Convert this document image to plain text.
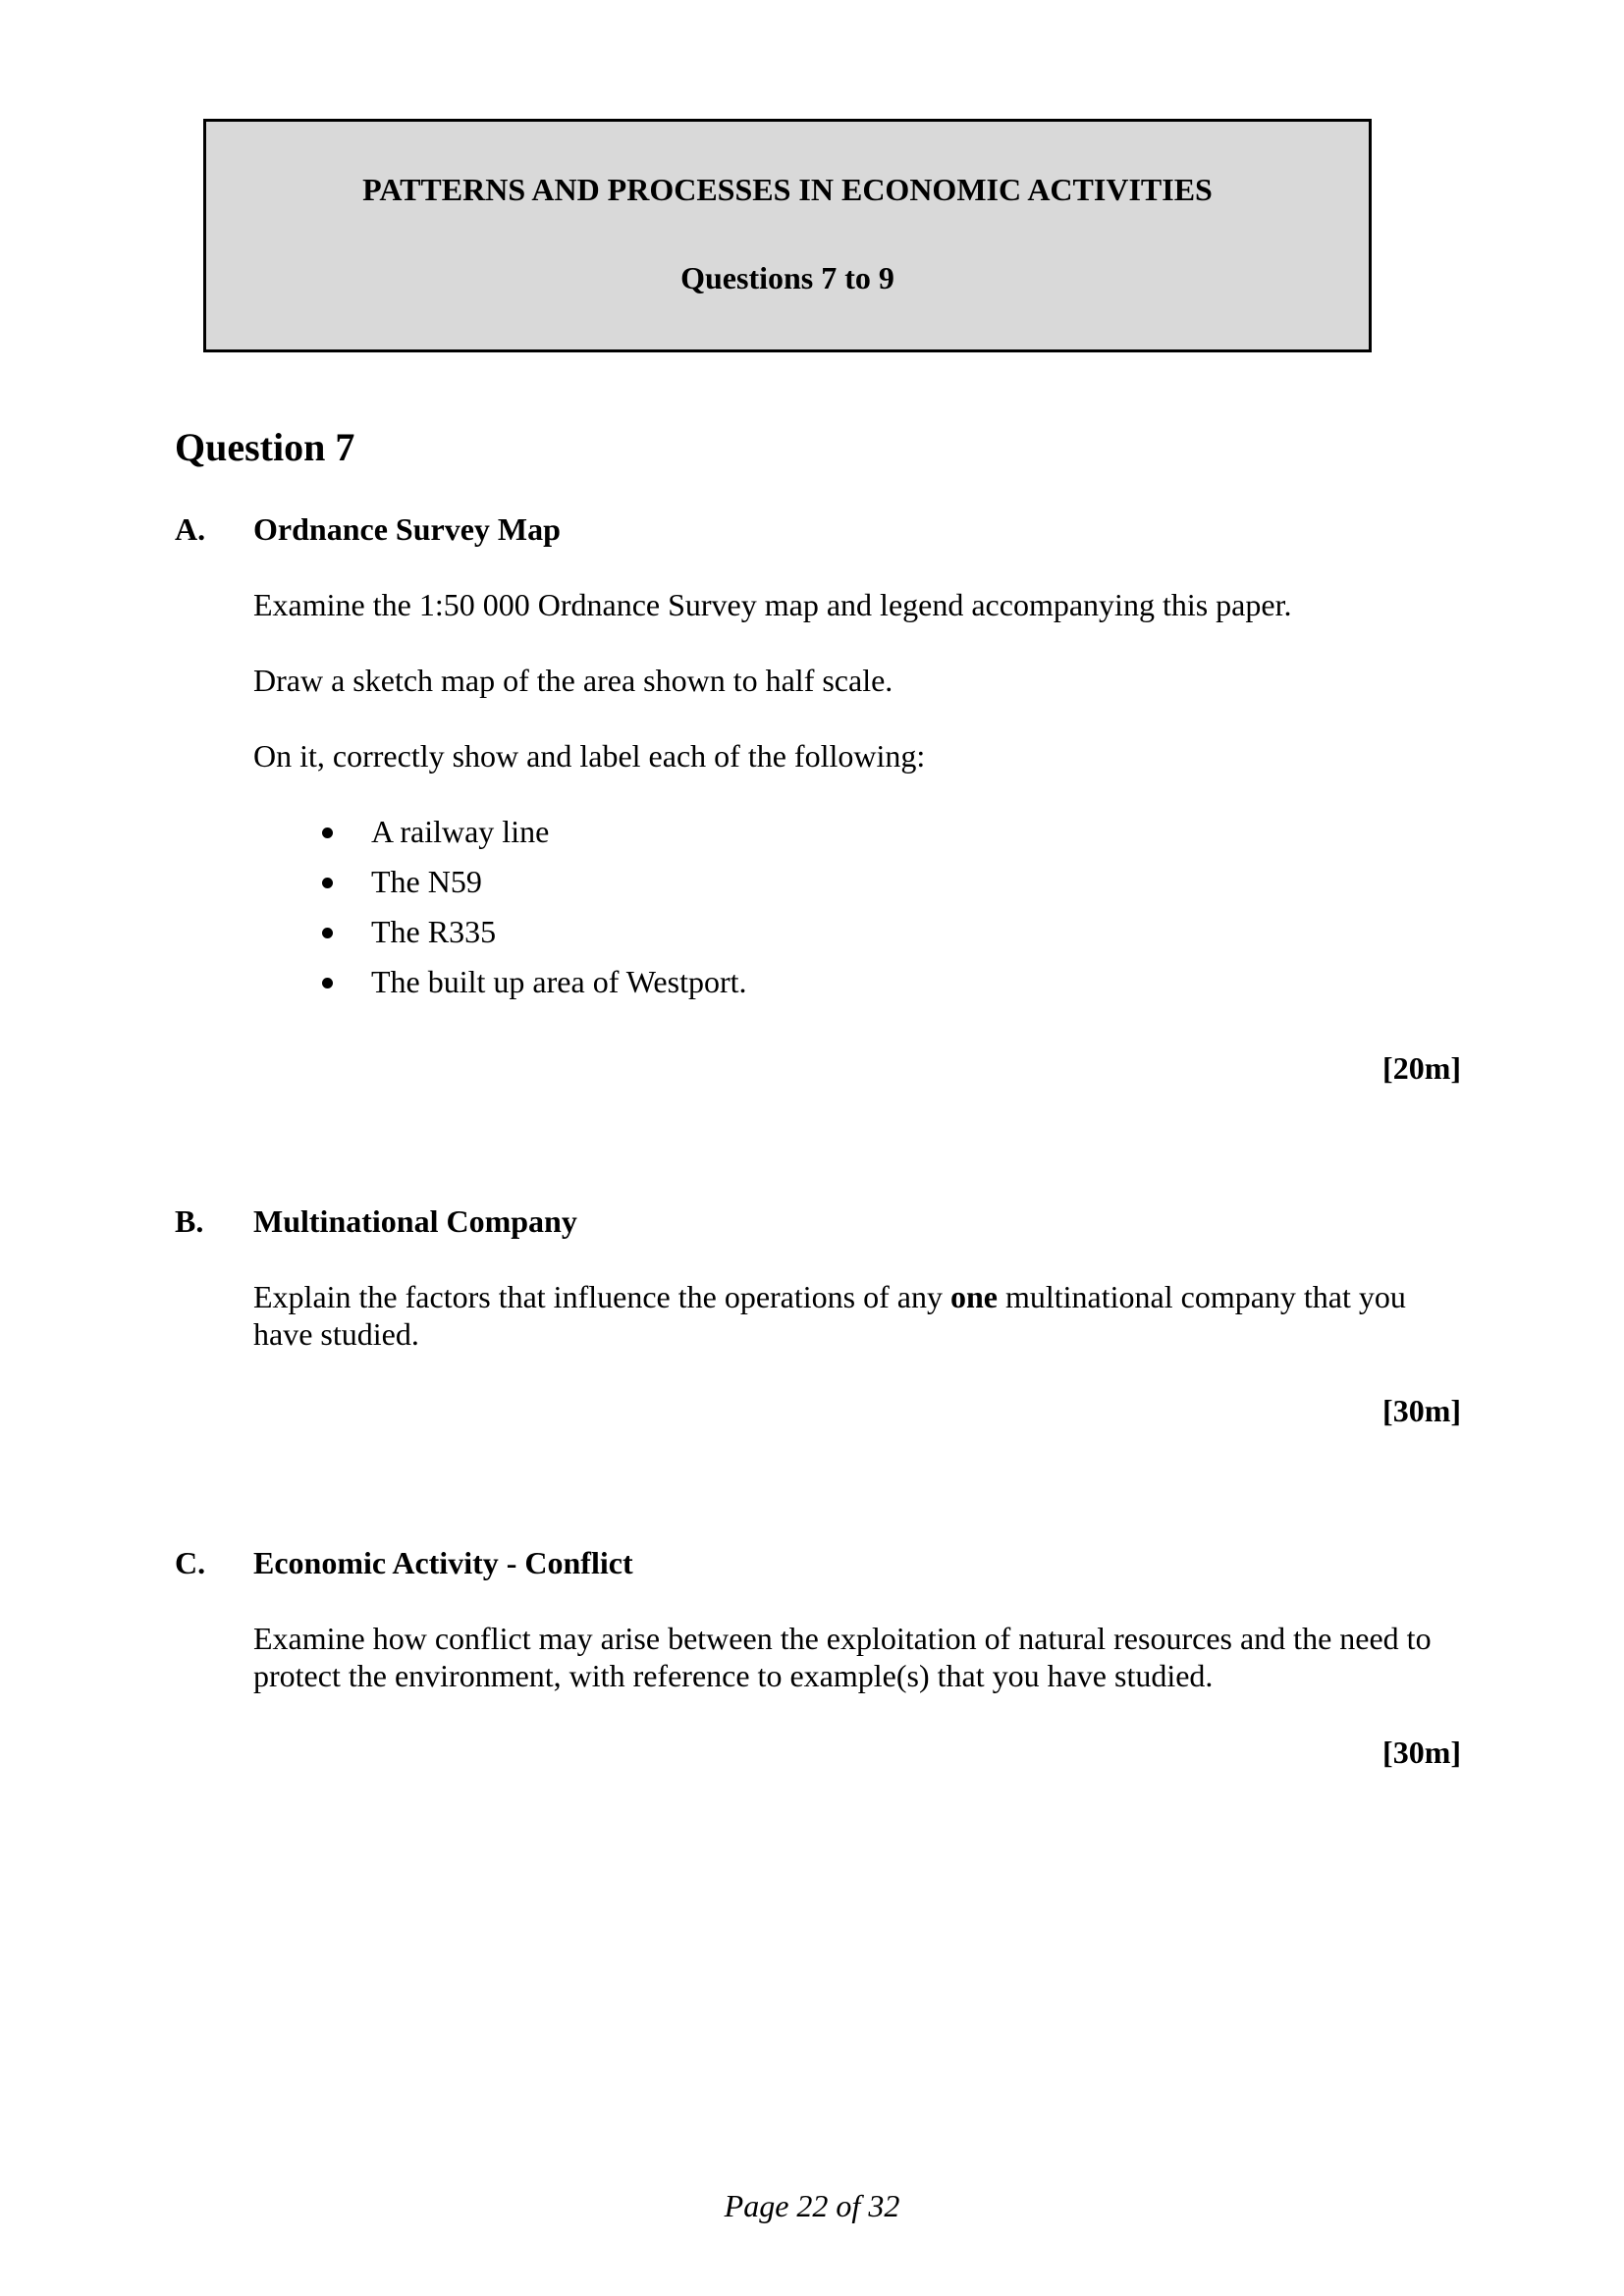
PATTERNS AND PROCESSES IN ECONOMIC ACTIVITIES
Questions 7 to 9
Question 7
A. Ordnance Survey Map
Examine the 1:50 000 Ordnance Survey map and legend accompanying this paper.
Draw a sketch map of the area shown to half scale.
On it, correctly show and label each of the following:
A railway line
The N59
The R335
The built up area of Westport.
[20m]
B. Multinational Company
Explain the factors that influence the operations of any one multinational company that you have studied.
[30m]
C. Economic Activity - Conflict
Examine how conflict may arise between the exploitation of natural resources and the need to protect the environment, with reference to example(s) that you have studied.
[30m]
Page 22 of 32
